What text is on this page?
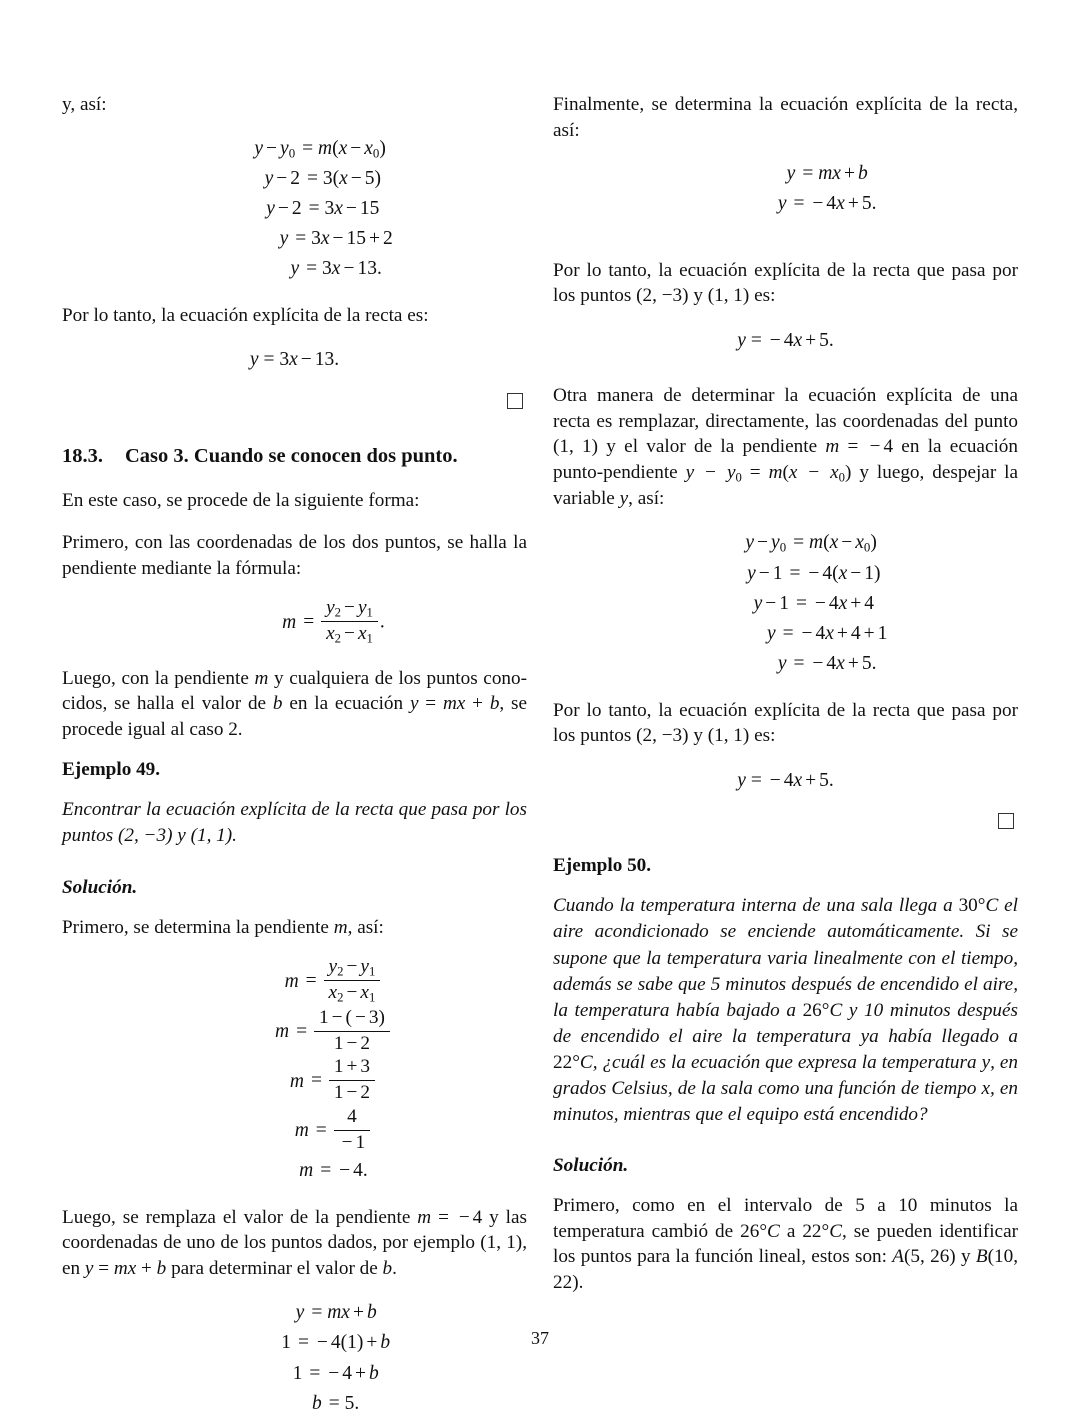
y, así:

$y - y_0 = m(x - x_0)$
y − 2 = 3(x − 5)
y − 2 = 3x − 15
y = 3x − 15 + 2
y = 3x − 13.

Por lo tanto, la ecuación explícita de la recta es:

y = 3x − 13.
18.3. Caso 3. Cuando se conocen dos punto.

En este caso, se procede de la siguiente forma:

Primero, con las coordenadas de los dos puntos, se halla la pendiente mediante la fórmula:

$m = \frac{y_2 - y_1}{x_2 - x_1}$ .

Luego, con la pendiente m y cualquiera de los puntos cono-cidos, se halla el valor de b en la ecuación y = mx + b, se procede igual al caso 2.

Ejemplo 49.

Encontrar la ecuación explícita de la recta que pasa por los puntos (2, −3) y (1, 1).

Solución.

Primero, se determina la pendiente m, así:

$m = \frac{y_2 - y_1}{x_2 - x_1}$
$m = \frac{1 - ( - 3)}{1 - 2}$
$m = \frac{1 + 3}{1 - 2}$
$m = \frac{4}{- 1}$
m = − 4.

Luego, se remplaza el valor de la pendiente m = − 4 y las coordenadas de uno de los puntos dados, por ejemplo (1, 1), en y = mx + b para determinar el valor de b.

y = mx + b
1 = − 4(1) + b
1 = − 4 + b
b = 5.

Finalmente, se determina la ecuación explícita de la recta, así:

y = mx + b
y = − 4x + 5.

Por lo tanto, la ecuación explícita de la recta que pasa por los puntos (2, −3) y (1, 1) es:

y = − 4x + 5.

Otra manera de determinar la ecuación explícita de una recta es remplazar, directamente, las coordenadas del punto (1, 1) y el valor de la pendiente m = − 4 en la ecuación punto-pendiente $y - y_0 = m(x - x_0)$ y luego, despejar la variable y, así:

$y - y_0 = m(x - x_0)$
y − 1 = − 4(x − 1)
y − 1 = − 4x + 4
y = − 4x + 4 + 1
y = − 4x + 5.

Por lo tanto, la ecuación explícita de la recta que pasa por los puntos (2, −3) y (1, 1) es:

y = − 4x + 5.

Ejemplo 50.

Cuando la temperatura interna de una sala llega a 30°C el aire acondicionado se enciende automáticamente. Si se supone que la temperatura varia linealmente con el tiempo, además se sabe que 5 minutos después de encendido el aire, la temperatura había bajado a 26°C y 10 minutos después de encendido el aire la temperatura ya había llegado a 22°C, ¿cuál es la ecuación que expresa la temperatura y, en grados Celsius, de la sala como una función de tiempo x, en minutos, mientras que el equipo está encendido?

Solución.

Primero, como en el intervalo de 5 a 10 minutos la temperatura cambió de 26°C a 22°C, se pueden identificar los puntos para la función lineal, estos son: A(5, 26) y B(10, 22).

37
